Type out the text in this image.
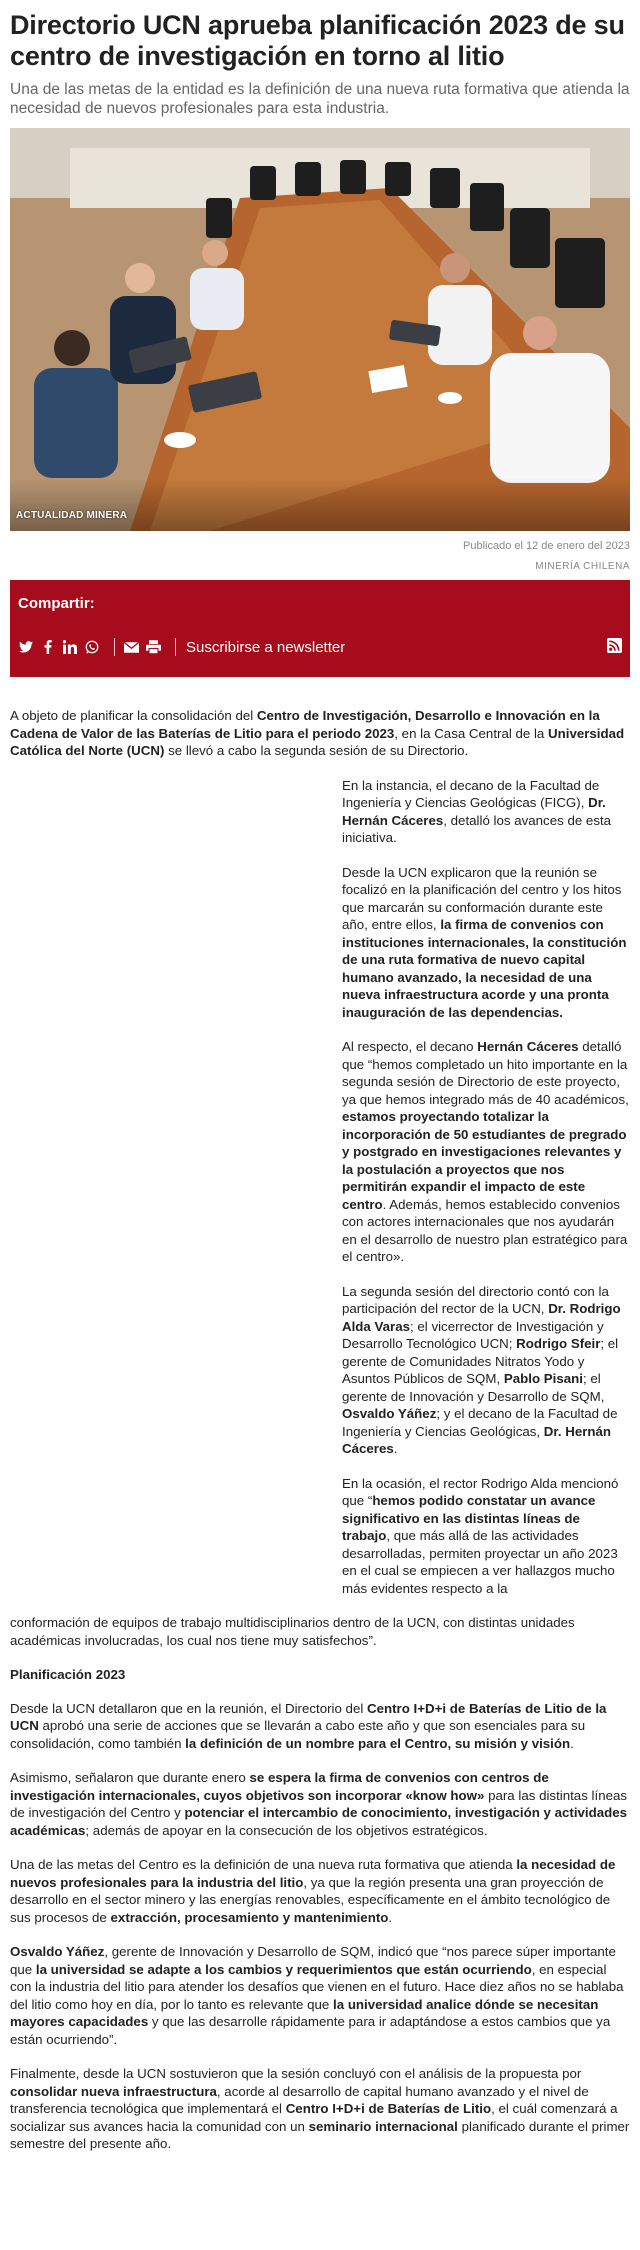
Directorio UCN aprueba planificación 2023 de su centro de investigación en torno al litio

Una de las metas de la entidad es la definición de una nueva ruta formativa que atienda la necesidad de nuevos profesionales para esta industria.

ACTUALIDAD MINERA
Publicado el 12 de enero del 2023
MINERÍA CHILENA
Compartir:
Suscribirse a newsletter

A objeto de planificar la consolidación del Centro de Investigación, Desarrollo e Innovación en la Cadena de Valor de las Baterías de Litio para el periodo 2023, en la Casa Central de la Universidad Católica del Norte (UCN) se llevó a cabo la segunda sesión de su Directorio.

En la instancia, el decano de la Facultad de Ingeniería y Ciencias Geológicas (FICG), Dr. Hernán Cáceres, detalló los avances de esta iniciativa.

Desde la UCN explicaron que la reunión se focalizó en la planificación del centro y los hitos que marcarán su conformación durante este año, entre ellos, la firma de convenios con instituciones internacionales, la constitución de una ruta formativa de nuevo capital humano avanzado, la necesidad de una nueva infraestructura acorde y una pronta inauguración de las dependencias.

Al respecto, el decano Hernán Cáceres detalló que “hemos completado un hito importante en la segunda sesión de Directorio de este proyecto, ya que hemos integrado más de 40 académicos, estamos proyectando totalizar la incorporación de 50 estudiantes de pregrado y postgrado en investigaciones relevantes y la postulación a proyectos que nos permitirán expandir el impacto de este centro. Además, hemos establecido convenios con actores internacionales que nos ayudarán en el desarrollo de nuestro plan estratégico para el centro».

La segunda sesión del directorio contó con la participación del rector de la UCN, Dr. Rodrigo Alda Varas; el vicerrector de Investigación y Desarrollo Tecnológico UCN; Rodrigo Sfeir; el gerente de Comunidades Nitratos Yodo y Asuntos Públicos de SQM, Pablo Pisani; el gerente de Innovación y Desarrollo de SQM, Osvaldo Yáñez; y el decano de la Facultad de Ingeniería y Ciencias Geológicas, Dr. Hernán Cáceres.

En la ocasión, el rector Rodrigo Alda mencionó que “hemos podido constatar un avance significativo en las distintas líneas de trabajo, que más allá de las actividades desarrolladas, permiten proyectar un año 2023 en el cual se empiecen a ver hallazgos mucho más evidentes respecto a la

conformación de equipos de trabajo multidisciplinarios dentro de la UCN, con distintas unidades académicas involucradas, los cual nos tiene muy satisfechos”.

Planificación 2023

Desde la UCN detallaron que en la reunión, el Directorio del Centro I+D+i de Baterías de Litio de la UCN aprobó una serie de acciones que se llevarán a cabo este año y que son esenciales para su consolidación, como también la definición de un nombre para el Centro, su misión y visión.

Asimismo, señalaron que durante enero se espera la firma de convenios con centros de investigación internacionales, cuyos objetivos son incorporar «know how» para las distintas líneas de investigación del Centro y potenciar el intercambio de conocimiento, investigación y actividades académicas; además de apoyar en la consecución de los objetivos estratégicos.

Una de las metas del Centro es la definición de una nueva ruta formativa que atienda la necesidad de nuevos profesionales para la industria del litio, ya que la región presenta una gran proyección de desarrollo en el sector minero y las energías renovables, específicamente en el ámbito tecnológico de sus procesos de extracción, procesamiento y mantenimiento.

Osvaldo Yáñez, gerente de Innovación y Desarrollo de SQM, indicó que “nos parece súper importante que la universidad se adapte a los cambios y requerimientos que están ocurriendo, en especial con la industria del litio para atender los desafíos que vienen en el futuro. Hace diez años no se hablaba del litio como hoy en día, por lo tanto es relevante que la universidad analice dónde se necesitan mayores capacidades y que las desarrolle rápidamente para ir adaptándose a estos cambios que ya están ocurriendo”.

Finalmente, desde la UCN sostuvieron que la sesión concluyó con el análisis de la propuesta por consolidar nueva infraestructura, acorde al desarrollo de capital humano avanzado y el nivel de transferencia tecnológica que implementará el Centro I+D+i de Baterías de Litio, el cuál comenzará a socializar sus avances hacia la comunidad con un seminario internacional planificado durante el primer semestre del presente año.
